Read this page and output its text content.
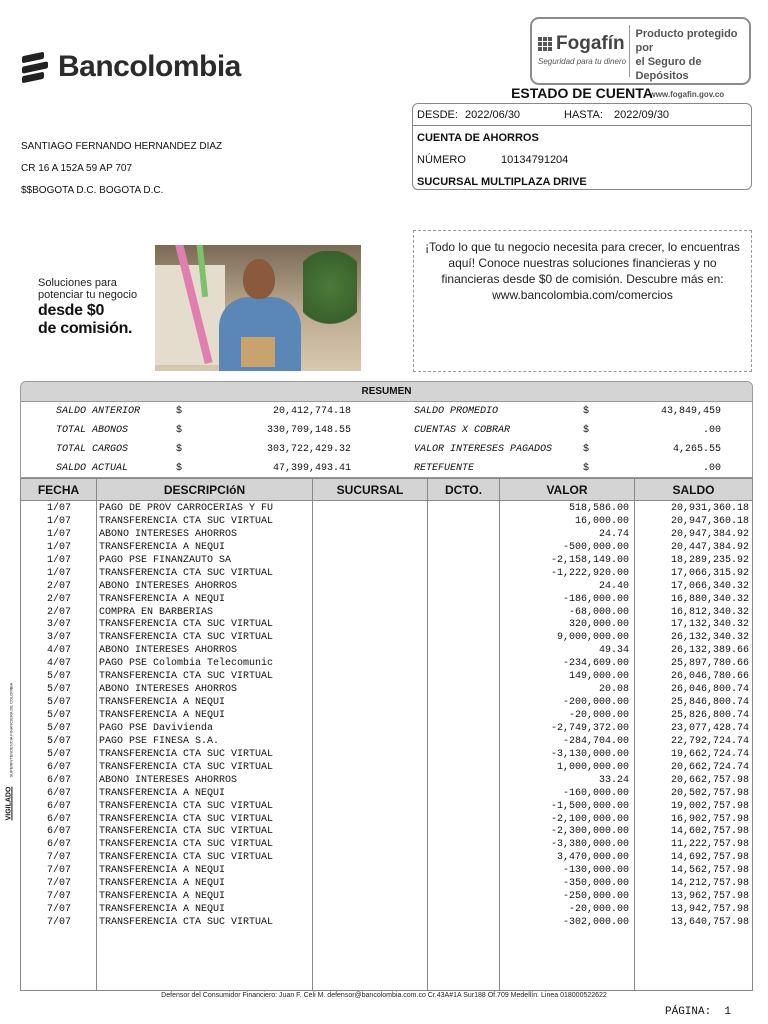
Bancolombia
Fogafín
Seguridad para tu dinero
Producto protegido por
el Seguro de Depósitos
www.fogafin.gov.co
ESTADO DE CUENTA
DESDE: 2022/06/30	HASTA: 2022/09/30
CUENTA DE AHORROS
NÚMERO	10134791204
SUCURSAL MULTIPLAZA DRIVE
SANTIAGO FERNANDO HERNANDEZ DIAZ
CR 16 A 152A 59 AP 707
$$BOGOTA D.C. BOGOTA D.C.
Soluciones para
potenciar tu negocio
desde $0
de comisión.
¡Todo lo que tu negocio necesita para crecer, lo encuentras aquí! Conoce nuestras soluciones financieras y no financieras desde $0 de comisión. Descubre más en:
www.bancolombia.com/comercios
RESUMEN
SALDO ANTERIOR	$	20,412,774.18	SALDO PROMEDIO	$	43,849,459
TOTAL ABONOS	$	330,709,148.55	CUENTAS X COBRAR	$	.00
TOTAL CARGOS	$	303,722,429.32	VALOR INTERESES PAGADOS	$	4,265.55
SALDO ACTUAL	$	47,399,493.41	RETEFUENTE	$	.00
FECHA	DESCRIPCIóN	SUCURSAL	DCTO.	VALOR	SALDO
1/07	PAGO DE PROV CARROCERIAS Y FU	518,586.00	20,931,360.18
1/07	TRANSFERENCIA CTA SUC VIRTUAL	16,000.00	20,947,360.18
1/07	ABONO INTERESES AHORROS	24.74	20,947,384.92
1/07	TRANSFERENCIA A NEQUI	-500,000.00	20,447,384.92
1/07	PAGO PSE FINANZAUTO SA	-2,158,149.00	18,289,235.92
1/07	TRANSFERENCIA CTA SUC VIRTUAL	-1,222,920.00	17,066,315.92
2/07	ABONO INTERESES AHORROS	24.40	17,066,340.32
2/07	TRANSFERENCIA A NEQUI	-186,000.00	16,880,340.32
2/07	COMPRA EN BARBERIAS	-68,000.00	16,812,340.32
3/07	TRANSFERENCIA CTA SUC VIRTUAL	320,000.00	17,132,340.32
3/07	TRANSFERENCIA CTA SUC VIRTUAL	9,000,000.00	26,132,340.32
4/07	ABONO INTERESES AHORROS	49.34	26,132,389.66
4/07	PAGO PSE Colombia Telecomunic	-234,609.00	25,897,780.66
5/07	TRANSFERENCIA CTA SUC VIRTUAL	149,000.00	26,046,780.66
5/07	ABONO INTERESES AHORROS	20.08	26,046,800.74
5/07	TRANSFERENCIA A NEQUI	-200,000.00	25,846,800.74
5/07	TRANSFERENCIA A NEQUI	-20,000.00	25,826,800.74
5/07	PAGO PSE Davivienda	-2,749,372.00	23,077,428.74
5/07	PAGO PSE FINESA S.A.	-284,704.00	22,792,724.74
5/07	TRANSFERENCIA CTA SUC VIRTUAL	-3,130,000.00	19,662,724.74
6/07	TRANSFERENCIA CTA SUC VIRTUAL	1,000,000.00	20,662,724.74
6/07	ABONO INTERESES AHORROS	33.24	20,662,757.98
6/07	TRANSFERENCIA A NEQUI	-160,000.00	20,502,757.98
6/07	TRANSFERENCIA CTA SUC VIRTUAL	-1,500,000.00	19,002,757.98
6/07	TRANSFERENCIA CTA SUC VIRTUAL	-2,100,000.00	16,902,757.98
6/07	TRANSFERENCIA CTA SUC VIRTUAL	-2,300,000.00	14,602,757.98
6/07	TRANSFERENCIA CTA SUC VIRTUAL	-3,380,000.00	11,222,757.98
7/07	TRANSFERENCIA CTA SUC VIRTUAL	3,470,000.00	14,692,757.98
7/07	TRANSFERENCIA A NEQUI	-130,000.00	14,562,757.98
7/07	TRANSFERENCIA A NEQUI	-350,000.00	14,212,757.98
7/07	TRANSFERENCIA A NEQUI	-250,000.00	13,962,757.98
7/07	TRANSFERENCIA A NEQUI	-20,000.00	13,942,757.98
7/07	TRANSFERENCIA CTA SUC VIRTUAL	-302,000.00	13,640,757.98
SUPERINTENDENCIA FINANCIERA DE COLOMBIA
VIGILADO
Defensor del Consumidor Financiero: Juan F. Celi M. defensor@bancolombia.com.co Cr.43A#1A Sur188 Of.709 Medellín. Linea 018000522622
PÁGINA: 1
